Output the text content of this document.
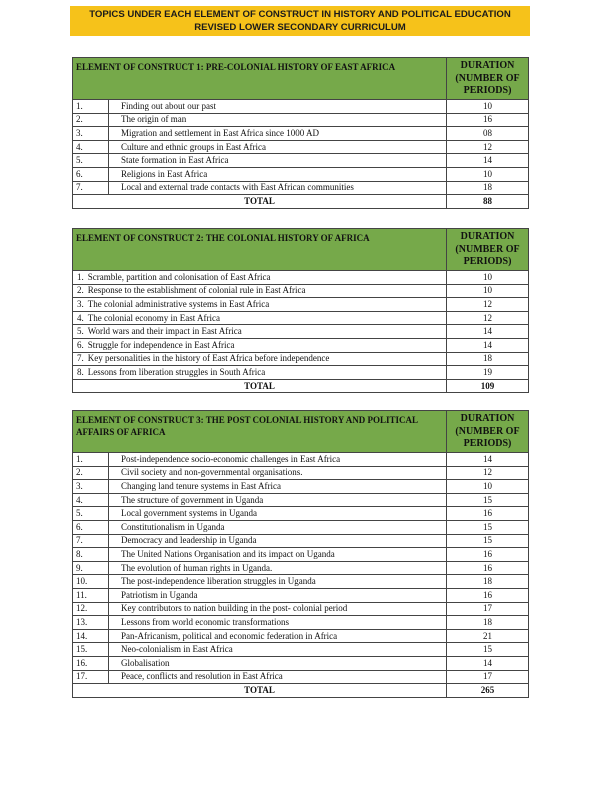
TOPICS UNDER EACH ELEMENT OF CONSTRUCT IN HISTORY AND POLITICAL EDUCATION
REVISED LOWER SECONDARY CURRICULUM
ELEMENT OF CONSTRUCT 1: PRE-COLONIAL HISTORY OF EAST AFRICA		DURATION
(NUMBER OF
PERIODS)

1.	Finding out about our past	10
2.	The origin of man	16
3.	Migration and settlement in East Africa since 1000 AD	08
4.	Culture and ethnic groups in East Africa	12
5.	State formation in East Africa	14
6.	Religions in East Africa	10
7.	Local and external trade contacts with East African communities	18
TOTAL		88
ELEMENT OF CONSTRUCT 2: THE COLONIAL HISTORY OF AFRICA	DURATION
(NUMBER OF
PERIODS)

1. Scramble, partition and colonisation of East Africa	10
2. Response to the establishment of colonial rule in East Africa	10
3. The colonial administrative systems in East Africa	12
4. The colonial economy in East Africa	12
5. World wars and their impact in East Africa	14
6. Struggle for independence in East Africa	14
7. Key personalities in the history of East Africa before independence	18
8. Lessons from liberation struggles in South Africa	19
TOTAL	109
ELEMENT OF CONSTRUCT 3: THE POST COLONIAL HISTORY AND POLITICAL AFFAIRS OF AFRICA		DURATION
(NUMBER OF
PERIODS)

1.	Post-independence socio-economic challenges in East Africa	14
2.	Civil society and non-governmental organisations.	12
3.	Changing land tenure systems in East Africa	10
4.	The structure of government in Uganda	15
5.	Local government systems in Uganda	16
6.	Constitutionalism in Uganda	15
7.	Democracy and leadership in Uganda	15
8.	The United Nations Organisation and its impact on Uganda	16
9.	The evolution of human rights in Uganda.	16
10.	The post-independence liberation struggles in Uganda	18
11.	Patriotism in Uganda	16
12.	Key contributors to nation building in the post- colonial period	17
13.	Lessons from world economic transformations	18
14.	Pan-Africanism, political and economic federation in Africa	21
15.	Neo-colonialism in East Africa	15
16.	Globalisation	14
17.	Peace, conflicts and resolution in East Africa	17
TOTAL		265
